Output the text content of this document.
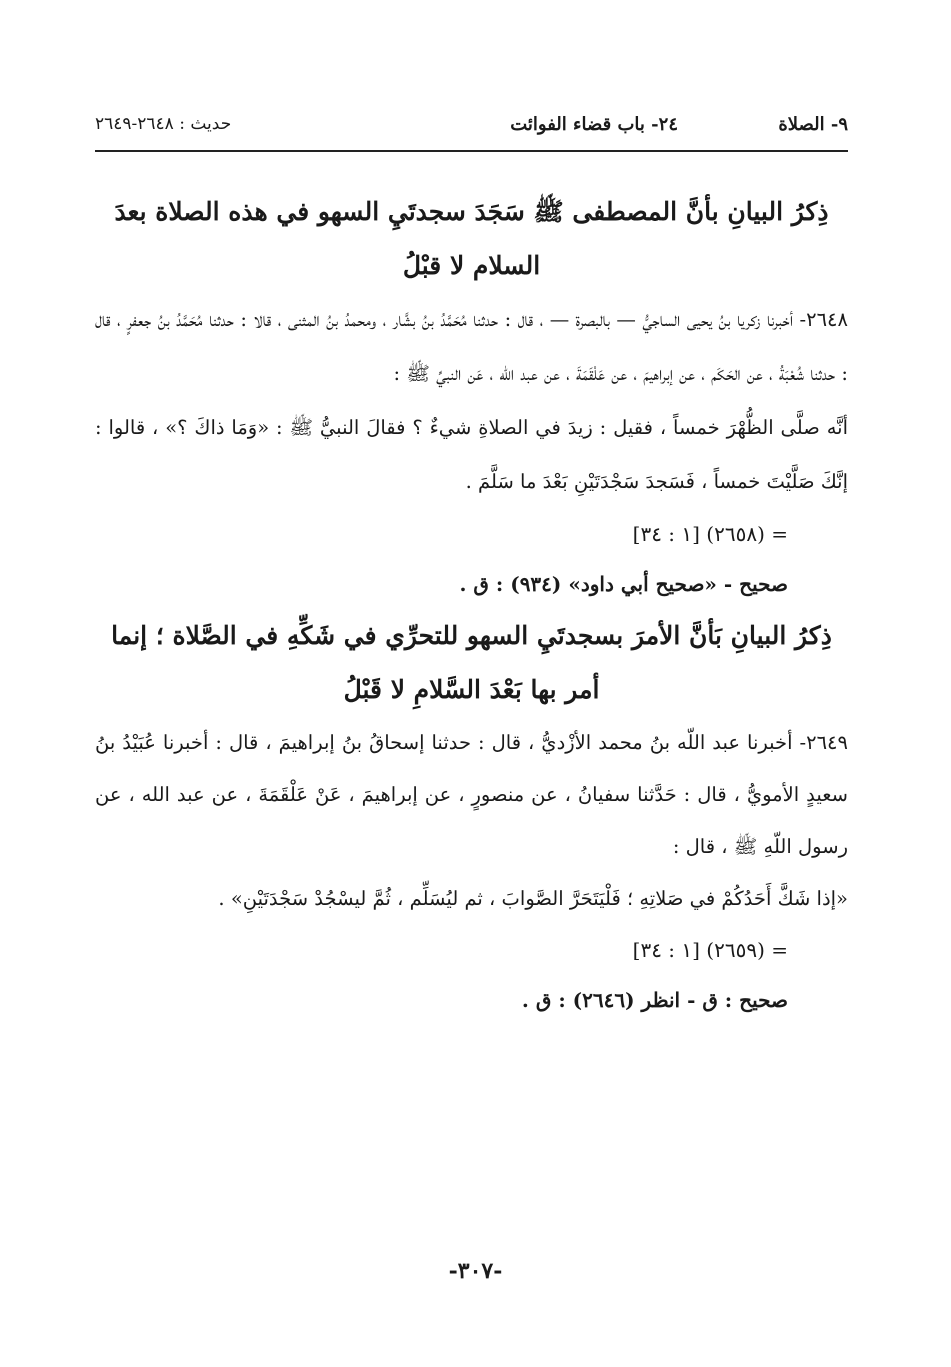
٩- الصلاة
٢٤- باب قضاء الفوائت
حديث : ٢٦٤٨-٢٦٤٩

ذِكرُ البيانِ بأنَّ المصطفى ﷺ سَجَدَ سجدتَيِ السهو في هذه الصلاة بعدَ السلام لا قبْلُ

٢٦٤٨- أخبرنا زكريا بنُ يحيى الساجيُّ — بالبصرة — ، قال : حدثنا مُحَمَّدُ بنُ بشَّار ، ومحمدُ بنُ المثنى ، قالا : حدثنا مُحَمَّدُ بنُ جعفرٍ ، قال : حدثنا شُعْبَةُ ، عن الحَكَم ، عن إبراهيمَ ، عن عَلْقَمَةَ ، عن عبد الله ، عَن النبيِّ ﷺ :

أنَّه صلَّى الظُّهْرَ خمساً ، فقيل : زيدَ في الصلاةِ شيءٌ ؟ فقالَ النبيُّ ﷺ : «وَمَا ذاكَ ؟» ، قالوا : إنَّكَ صَلَّيْتَ خمساً ، فَسَجدَ سَجْدَتَيْنِ بَعْدَ ما سَلَّمَ .

= (٢٦٥٨) [١ : ٣٤]

صحيح - «صحيح أبي داود» (٩٣٤) : ق .

ذِكرُ البيانِ بَأنَّ الأمرَ بسجدتَيِ السهو للتحرِّي في شَكِّهِ في الصَّلاة ؛ إنما أمر بها بَعْدَ السَّلامِ لا قَبْلُ

٢٦٤٩- أخبرنا عبد اللّه بنُ محمد الأزْديُّ ، قال : حدثنا إسحاقُ بنُ إبراهيمَ ، قال : أخبرنا عُبَيْدُ بنُ سعيدٍ الأمويُّ ، قال : حَدَّثنا سفيانُ ، عن منصورٍ ، عن إبراهيمَ ، عَنْ عَلْقَمَةَ ، عن عبد الله ، عن رسول اللّهِ ﷺ ، قال :

«إذا شَكَّ أَحَدُكُمْ في صَلاتِهِ ؛ فَلْيَتَحَرَّ الصَّوابَ ، ثم ليُسَلِّم ، ثُمَّ ليسْجُدْ سَجْدَتَيْنِ» .

= (٢٦٥٩) [١ : ٣٤]

صحيح : ق - انظر (٢٦٤٦) : ق .

-٣٠٧-
